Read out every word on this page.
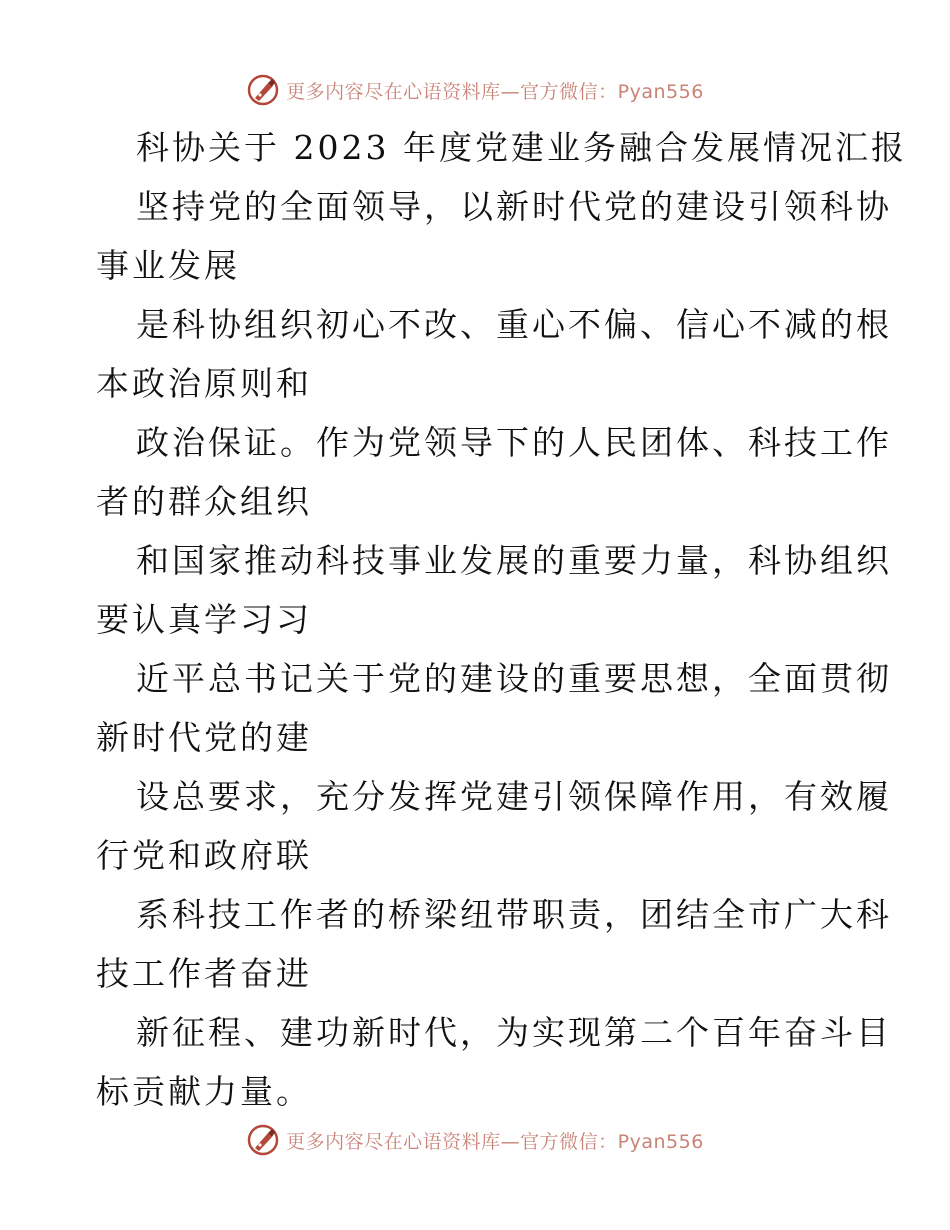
更多内容尽在心语资料库—官方微信：Pyan556
科协关于 2023 年度党建业务融合发展情况汇报
坚持党的全面领导，以新时代党的建设引领科协
事业发展
是科协组织初心不改、重心不偏、信心不减的根
本政治原则和
政治保证。作为党领导下的人民团体、科技工作
者的群众组织
和国家推动科技事业发展的重要力量，科协组织
要认真学习习
近平总书记关于党的建设的重要思想，全面贯彻
新时代党的建
设总要求，充分发挥党建引领保障作用，有效履
行党和政府联
系科技工作者的桥梁纽带职责，团结全市广大科
技工作者奋进
新征程、建功新时代，为实现第二个百年奋斗目
标贡献力量。
更多内容尽在心语资料库—官方微信：Pyan556
